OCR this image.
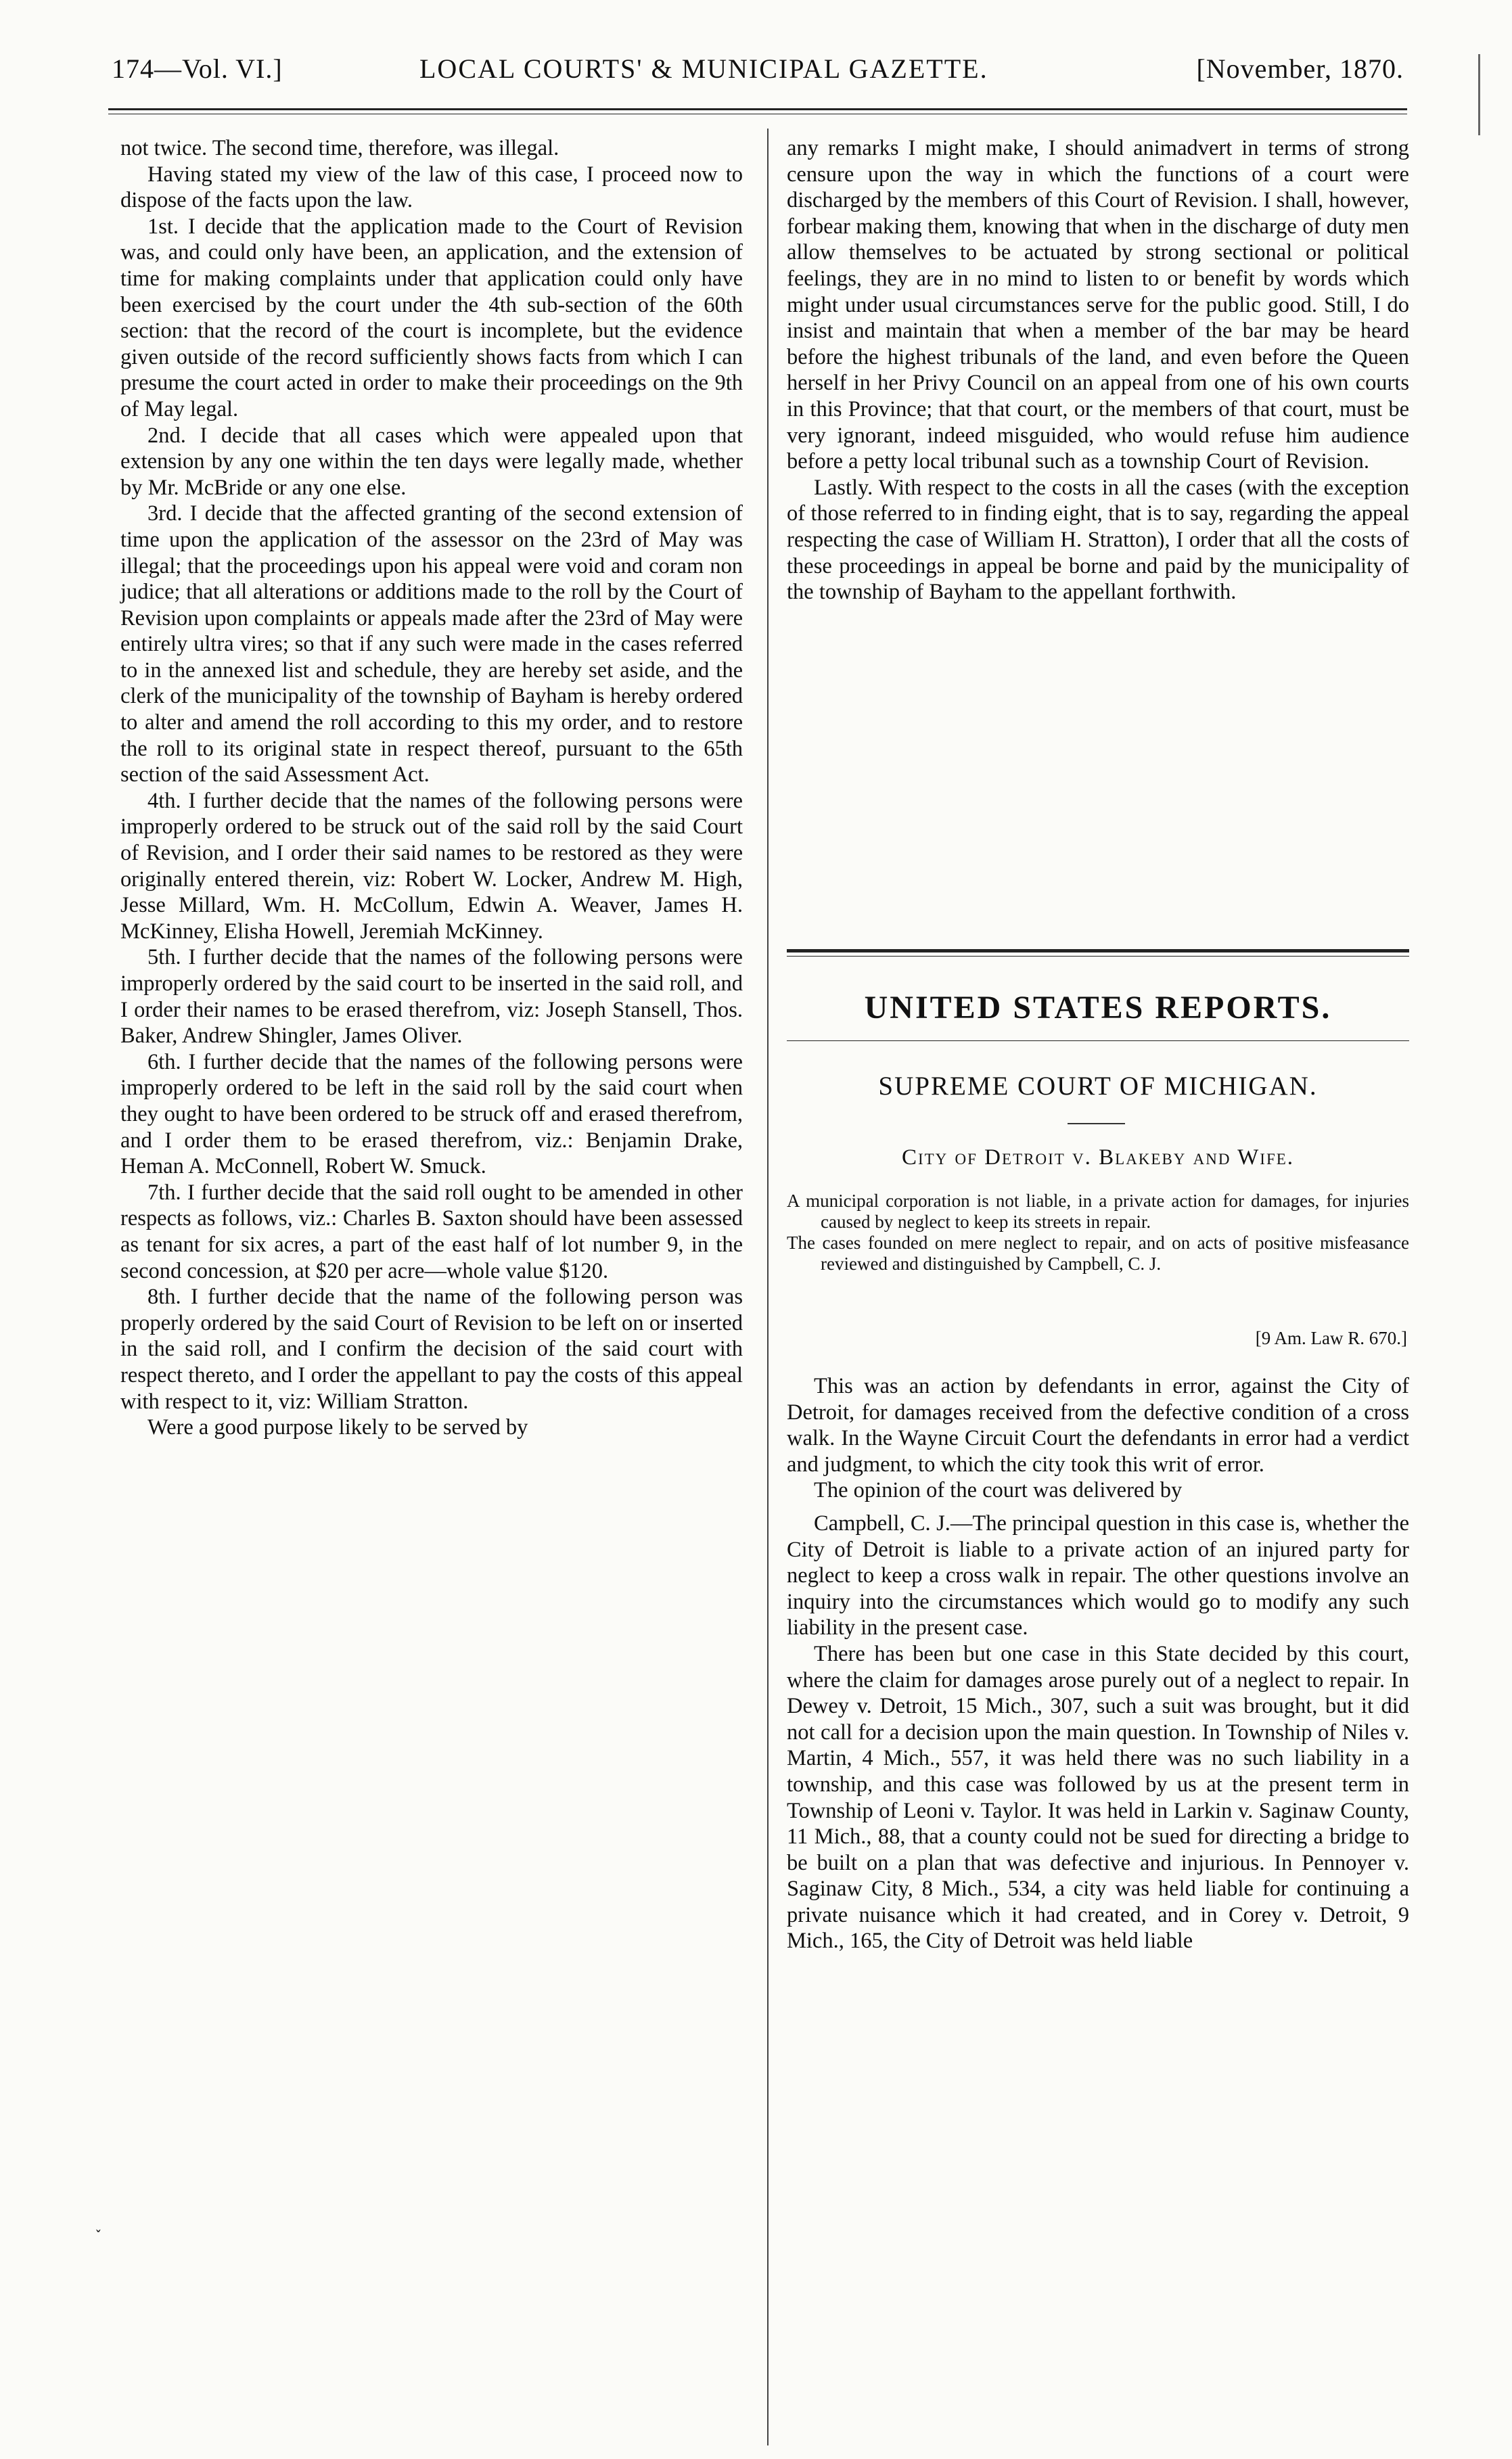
174—Vol. VI.]	LOCAL COURTS' & MUNICIPAL GAZETTE.	[November, 1870.

not twice. The second time, therefore, was illegal.

Having stated my view of the law of this case, I proceed now to dispose of the facts upon the law.

1st. I decide that the application made to the Court of Revision was, and could only have been, an application, and the extension of time for making complaints under that application could only have been exercised by the court under the 4th sub-section of the 60th section: that the record of the court is incomplete, but the evidence given outside of the record sufficiently shows facts from which I can presume the court acted in order to make their proceedings on the 9th of May legal.

2nd. I decide that all cases which were appealed upon that extension by any one within the ten days were legally made, whether by Mr. McBride or any one else.

3rd. I decide that the affected granting of the second extension of time upon the application of the assessor on the 23rd of May was illegal; that the proceedings upon his appeal were void and coram non judice; that all alterations or additions made to the roll by the Court of Revision upon complaints or appeals made after the 23rd of May were entirely ultra vires; so that if any such were made in the cases referred to in the annexed list and schedule, they are hereby set aside, and the clerk of the municipality of the township of Bayham is hereby ordered to alter and amend the roll according to this my order, and to restore the roll to its original state in respect thereof, pursuant to the 65th section of the said Assessment Act.

4th. I further decide that the names of the following persons were improperly ordered to be struck out of the said roll by the said Court of Revision, and I order their said names to be restored as they were originally entered therein, viz: Robert W. Locker, Andrew M. High, Jesse Millard, Wm. H. McCollum, Edwin A. Weaver, James H. McKinney, Elisha Howell, Jeremiah McKinney.

5th. I further decide that the names of the following persons were improperly ordered by the said court to be inserted in the said roll, and I order their names to be erased therefrom, viz: Joseph Stansell, Thos. Baker, Andrew Shingler, James Oliver.

6th. I further decide that the names of the following persons were improperly ordered to be left in the said roll by the said court when they ought to have been ordered to be struck off and erased therefrom, and I order them to be erased therefrom, viz.: Benjamin Drake, Heman A. McConnell, Robert W. Smuck.

7th. I further decide that the said roll ought to be amended in other respects as follows, viz.: Charles B. Saxton should have been assessed as tenant for six acres, a part of the east half of lot number 9, in the second concession, at $20 per acre—whole value $120.

8th. I further decide that the name of the following person was properly ordered by the said Court of Revision to be left on or inserted in the said roll, and I confirm the decision of the said court with respect thereto, and I order the appellant to pay the costs of this appeal with respect to it, viz: William Stratton.

Were a good purpose likely to be served by

˯

any remarks I might make, I should animadvert in terms of strong censure upon the way in which the functions of a court were discharged by the members of this Court of Revision. I shall, however, forbear making them, knowing that when in the discharge of duty men allow themselves to be actuated by strong sectional or political feelings, they are in no mind to listen to or benefit by words which might under usual circumstances serve for the public good. Still, I do insist and maintain that when a member of the bar may be heard before the highest tribunals of the land, and even before the Queen herself in her Privy Council on an appeal from one of his own courts in this Province; that that court, or the members of that court, must be very ignorant, indeed misguided, who would refuse him audience before a petty local tribunal such as a township Court of Revision.

Lastly. With respect to the costs in all the cases (with the exception of those referred to in finding eight, that is to say, regarding the appeal respecting the case of William H. Stratton), I order that all the costs of these proceedings in appeal be borne and paid by the municipality of the township of Bayham to the appellant forthwith.

UNITED STATES REPORTS.
SUPREME COURT OF MICHIGAN.
City of Detroit v. Blakeby and Wife.

A municipal corporation is not liable, in a private action for damages, for injuries caused by neglect to keep its streets in repair.

The cases founded on mere neglect to repair, and on acts of positive misfeasance reviewed and distinguished by Campbell, C. J.

[9 Am. Law R. 670.]

This was an action by defendants in error, against the City of Detroit, for damages received from the defective condition of a cross walk. In the Wayne Circuit Court the defendants in error had a verdict and judgment, to which the city took this writ of error.

The opinion of the court was delivered by

Campbell, C. J.—The principal question in this case is, whether the City of Detroit is liable to a private action of an injured party for neglect to keep a cross walk in repair. The other questions involve an inquiry into the circumstances which would go to modify any such liability in the present case.

There has been but one case in this State decided by this court, where the claim for damages arose purely out of a neglect to repair. In Dewey v. Detroit, 15 Mich., 307, such a suit was brought, but it did not call for a decision upon the main question. In Township of Niles v. Martin, 4 Mich., 557, it was held there was no such liability in a township, and this case was followed by us at the present term in Township of Leoni v. Taylor. It was held in Larkin v. Saginaw County, 11 Mich., 88, that a county could not be sued for directing a bridge to be built on a plan that was defective and injurious. In Pennoyer v. Saginaw City, 8 Mich., 534, a city was held liable for continuing a private nuisance which it had created, and in Corey v. Detroit, 9 Mich., 165, the City of Detroit was held liable
